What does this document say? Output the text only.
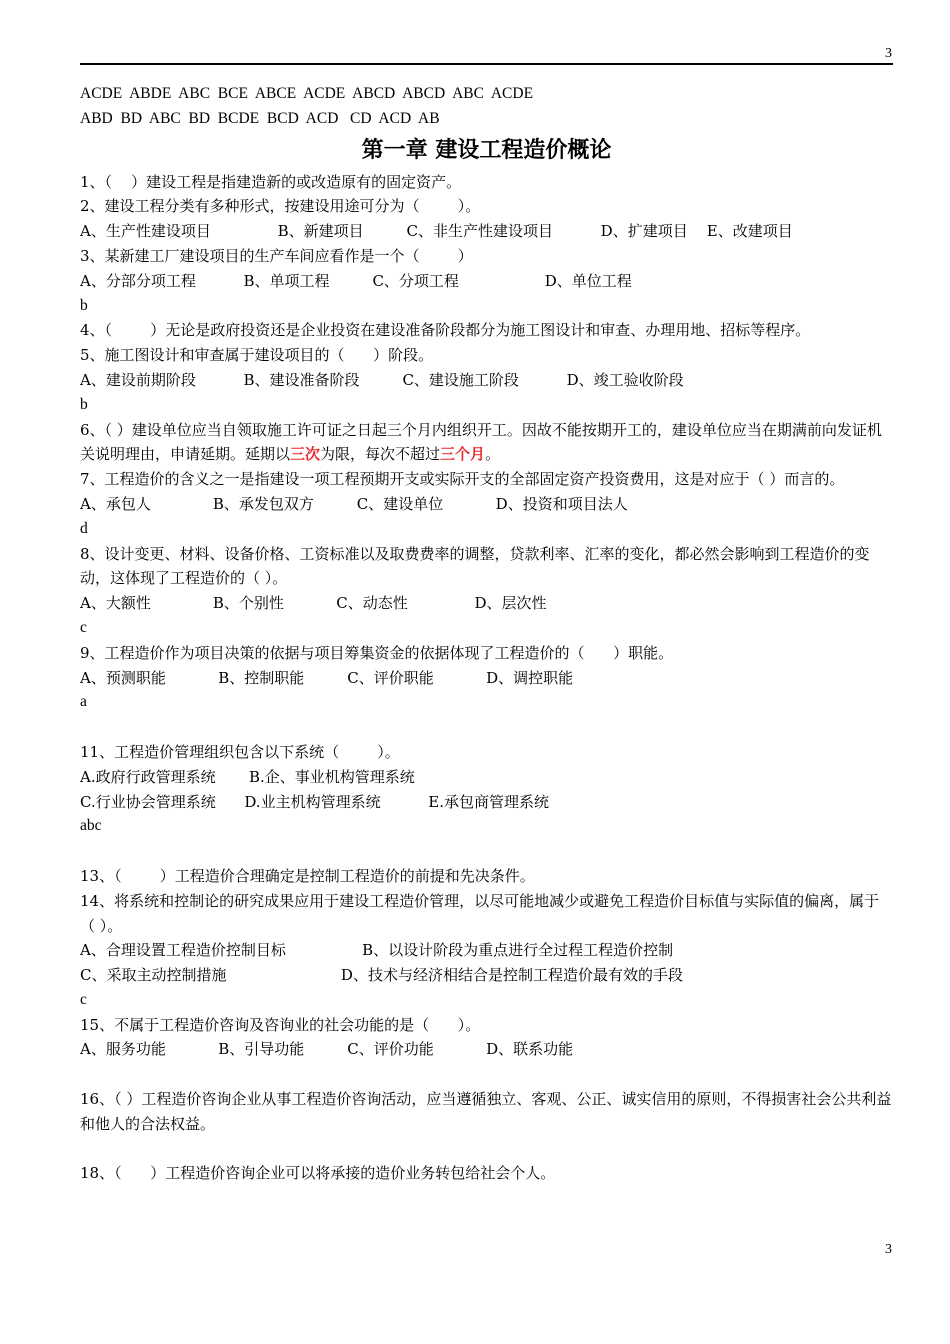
3
ACDE  ABDE  ABC  BCE  ABCE  ACDE  ABCD  ABCD  ABC  ACDE
ABD  BD  ABC  BD  BCDE  BCD  ACD   CD  ACD  AB
第一章 建设工程造价概论
1、（    ）建设工程是指建造新的或改造原有的固定资产。
2、建设工程分类有多种形式，按建设用途可分为（        ）。
A、生产性建设项目              B、新建项目         C、非生产性建设项目          D、扩建项目    E、改建项目
3、某新建工厂建设项目的生产车间应看作是一个（        ）
A、分部分项工程          B、单项工程         C、分项工程                  D、单位工程
b
4、（        ）无论是政府投资还是企业投资在建设准备阶段都分为施工图设计和审查、办理用地、招标等程序。
5、施工图设计和审查属于建设项目的（      ）阶段。
A、建设前期阶段          B、建设准备阶段         C、建设施工阶段          D、竣工验收阶段
b
6、（ ）建设单位应当自领取施工许可证之日起三个月内组织开工。因故不能按期开工的，建设单位应当在期满前向发证机关说明理由，申请延期。延期以三次为限，每次不超过三个月。
7、工程造价的含义之一是指建设一项工程预期开支或实际开支的全部固定资产投资费用，这是对应于（ ）而言的。
A、承包人             B、承发包双方         C、建设单位           D、投资和项目法人
d
8、设计变更、材料、设备价格、工资标准以及取费费率的调整，贷款利率、汇率的变化，都必然会影响到工程造价的变动，这体现了工程造价的（ ）。
A、大额性             B、个别性           C、动态性              D、层次性
c
9、工程造价作为项目决策的依据与项目筹集资金的依据体现了工程造价的（      ）职能。
A、预测职能           B、控制职能         C、评价职能           D、调控职能
a

11、工程造价管理组织包含以下系统（        ）。
A.政府行政管理系统       B.企、事业机构管理系统
C.行业协会管理系统      D.业主机构管理系统          E.承包商管理系统
abc

13、（        ）工程造价合理确定是控制工程造价的前提和先决条件。
14、将系统和控制论的研究成果应用于建设工程造价管理，以尽可能地减少或避免工程造价目标值与实际值的偏离，属于（ ）。
A、合理设置工程造价控制目标                B、以设计阶段为重点进行全过程工程造价控制
C、采取主动控制措施                        D、技术与经济相结合是控制工程造价最有效的手段
c
15、不属于工程造价咨询及咨询业的社会功能的是（      ）。
A、服务功能           B、引导功能         C、评价功能           D、联系功能
16、（ ）工程造价咨询企业从事工程造价咨询活动，应当遵循独立、客观、公正、诚实信用的原则，不得损害社会公共利益和他人的合法权益。

18、（      ）工程造价咨询企业可以将承接的造价业务转包给社会个人。
3
